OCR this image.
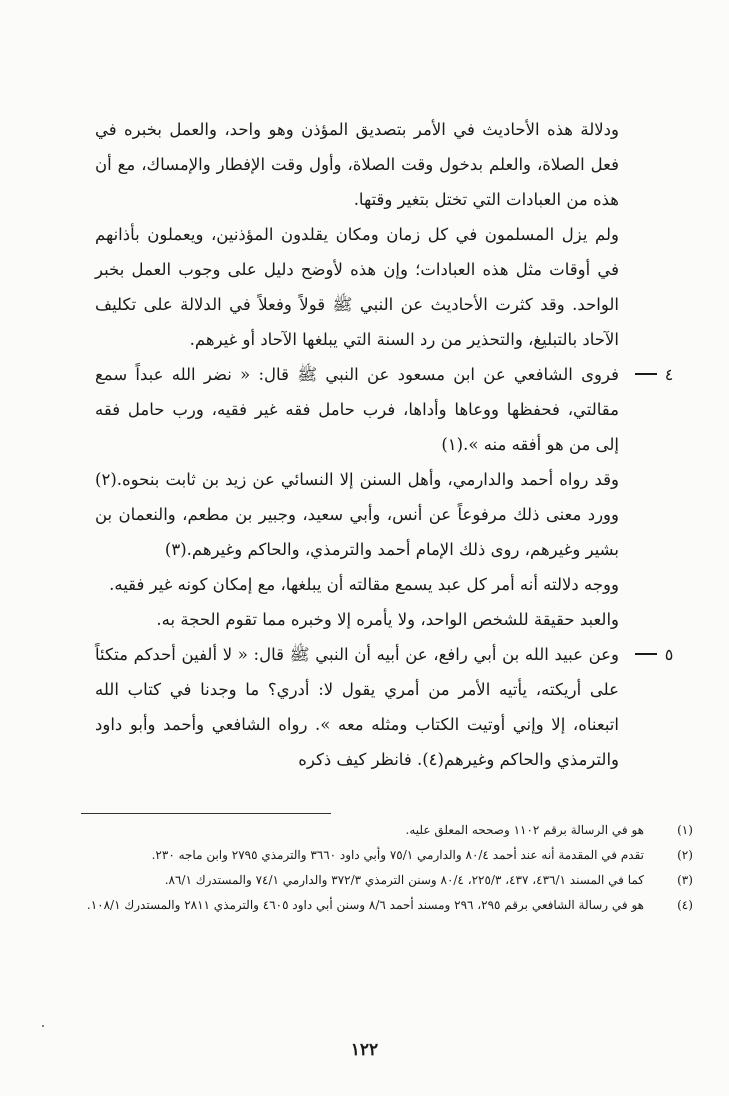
ودلالة هذه الأحاديث في الأمر بتصديق المؤذن وهو واحد، والعمل بخبره في فعل الصلاة، والعلم بدخول وقت الصلاة، وأول وقت الإفطار والإمساك، مع أن هذه من العبادات التي تختل بتغير وقتها.

ولم يزل المسلمون في كل زمان ومكان يقلدون المؤذنين، ويعملون بأذانهم في أوقات مثل هذه العبادات؛ وإن هذه لأوضح دليل على وجوب العمل بخبر الواحد. وقد كثرت الأحاديث عن النبي ﷺ قولاً وفعلاً في الدلالة على تكليف الآحاد بالتبليغ، والتحذير من رد السنة التي يبلغها الآحاد أو غيرهم.

٤

فروى الشافعي عن ابن مسعود عن النبي ﷺ قال: « نضر الله عبداً سمع مقالتي، فحفظها ووعاها وأداها، فرب حامل فقه غير فقيه، ورب حامل فقه إلى من هو أفقه منه ».(١)

وقد رواه أحمد والدارمي، وأهل السنن إلا النسائي عن زيد بن ثابت بنحوه.(٢) وورد معنى ذلك مرفوعاً عن أنس، وأبي سعيد، وجبير بن مطعم، والنعمان بن بشير وغيرهم، روى ذلك الإمام أحمد والترمذي، والحاكم وغيرهم.(٣)

ووجه دلالته أنه أمر كل عبد يسمع مقالته أن يبلغها، مع إمكان كونه غير فقيه.

والعبد حقيقة للشخص الواحد، ولا يأمره إلا وخبره مما تقوم الحجة به.

٥

وعن عبيد الله بن أبي رافع، عن أبيه أن النبي ﷺ قال: « لا ألفين أحدكم متكئاً على أريكته، يأتيه الأمر من أمري يقول لا: أدري؟ ما وجدنا في كتاب الله اتبعناه، إلا وإني أوتيت الكتاب ومثله معه ». رواه الشافعي وأحمد وأبو داود والترمذي والحاكم وغيرهم(٤). فانظر كيف ذكره

(١)
هو في الرسالة برقم ١١٠٢ وصححه المعلق عليه.
(٢)
تقدم في المقدمة أنه عند أحمد ٨٠/٤ والدارمي ٧٥/١ وأبي داود ٣٦٦٠ والترمذي ٢٧٩٥ وابن ماجه ٢٣٠.
(٣)
كما في المسند ٤٣٦/١، ٤٣٧، ٢٢٥/٣، ٨٠/٤ وسنن الترمذي ٣٧٢/٣ والدارمي ٧٤/١ والمستدرك ٨٦/١.
(٤)
هو في رسالة الشافعي برقم ٢٩٥، ٢٩٦ ومسند أحمد ٨/٦ وسنن أبي داود ٤٦٠٥ والترمذي ٢٨١١ والمستدرك ١٠٨/١.
١٢٢
